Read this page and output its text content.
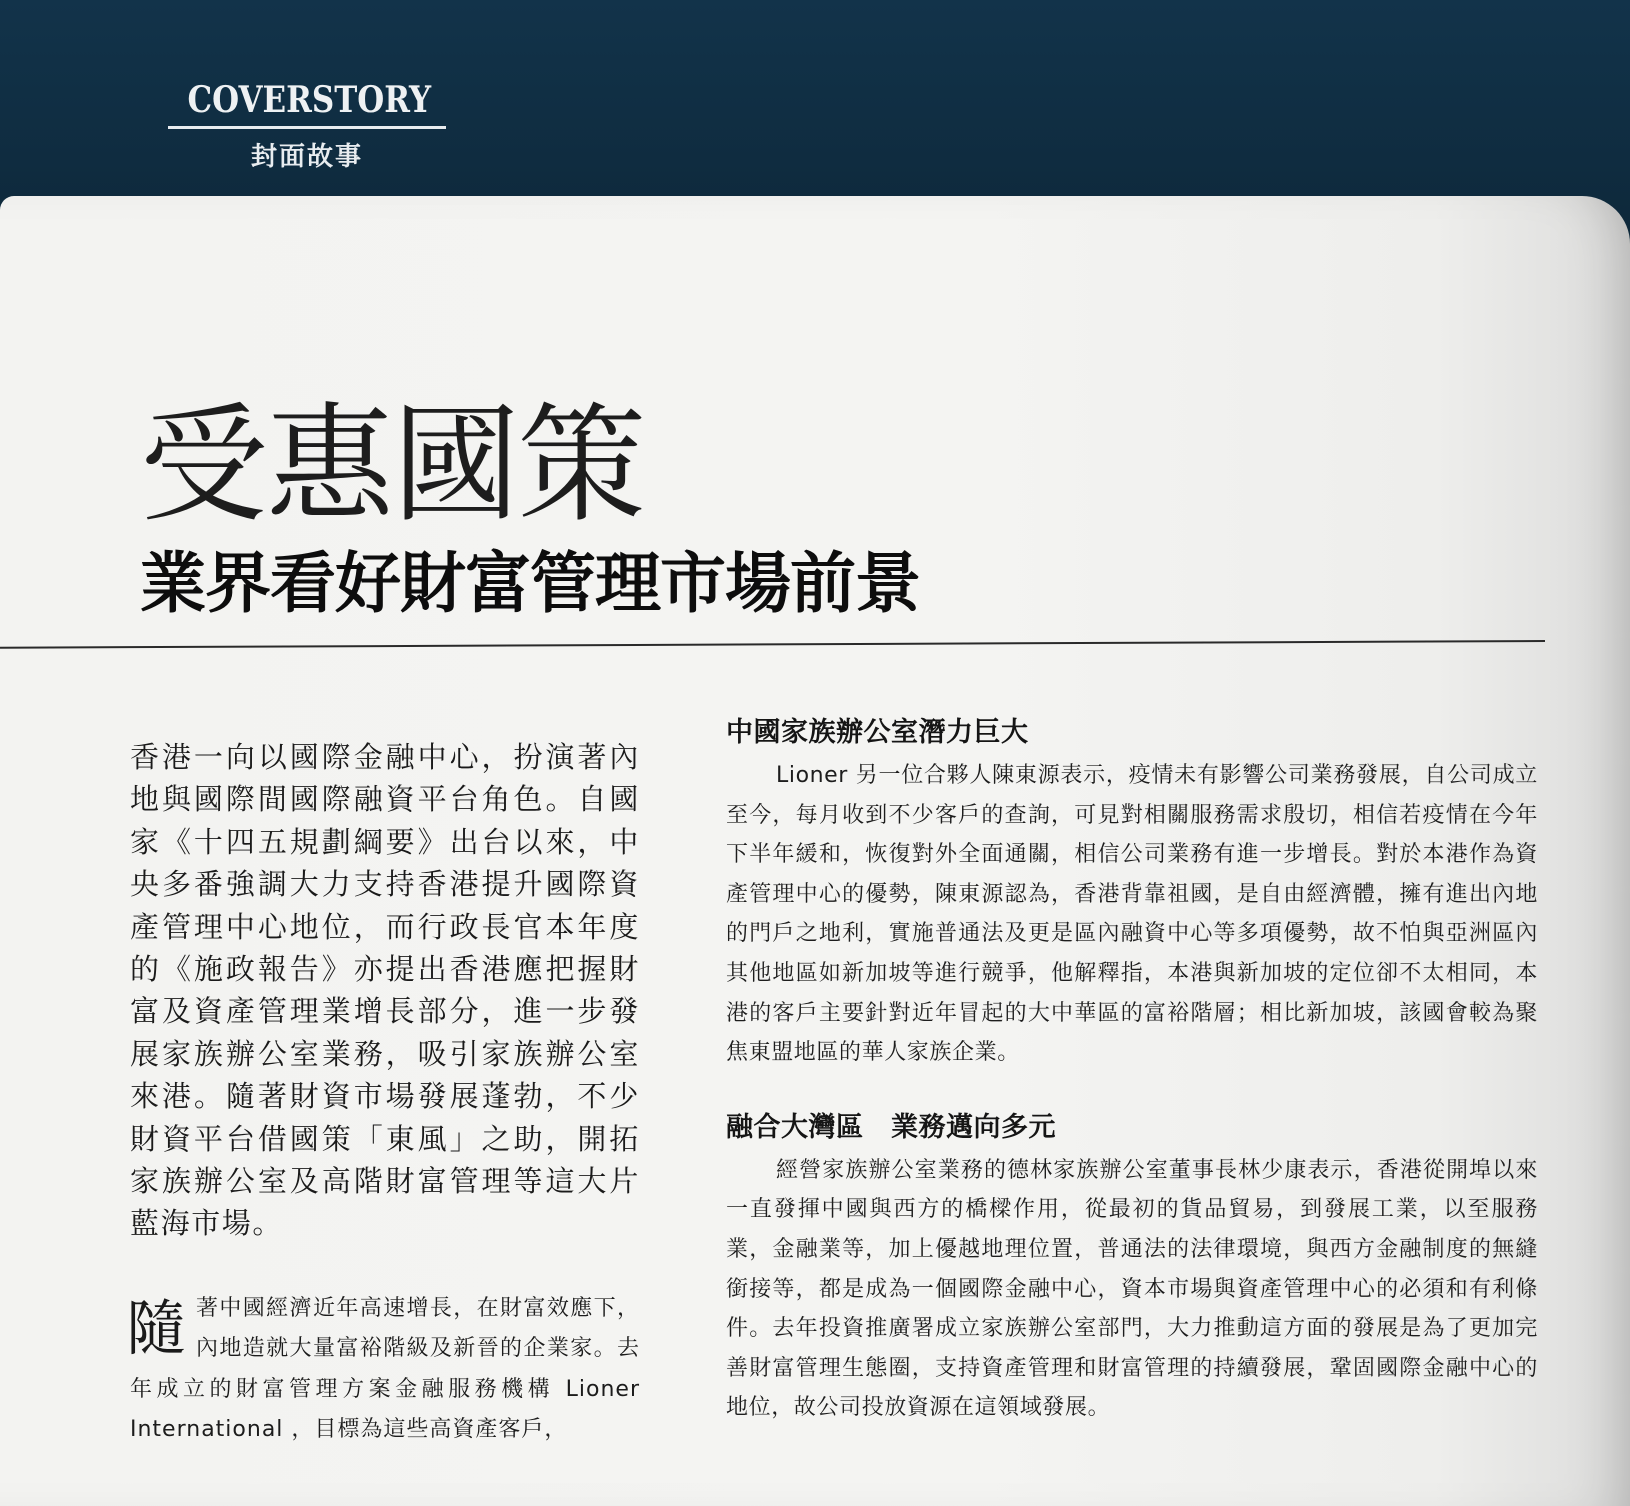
COVERSTORY
封面故事
受惠國策
業界看好財富管理市場前景

香港一向以國際金融中心，扮演著內地與國際間國際融資平台角色。自國家《十四五規劃綱要》出台以來，中央多番強調大力支持香港提升國際資產管理中心地位，而行政長官本年度的《施政報告》亦提出香港應把握財富及資產管理業增長部分，進一步發展家族辦公室業務，吸引家族辦公室來港。隨著財資市場發展蓬勃，不少財資平台借國策「東風」之助，開拓家族辦公室及高階財富管理等這大片藍海市場。

隨 著中國經濟近年高速增長，在財富效應下，內地造就大量富裕階級及新晉的企業家。去年成立的財富管理方案金融服務機構 Lioner International ，目標為這些高資產客戶，

中國家族辦公室潛力巨大

Lioner 另一位合夥人陳東源表示，疫情未有影響公司業務發展，自公司成立至今，每月收到不少客戶的查詢，可見對相關服務需求殷切，相信若疫情在今年下半年緩和，恢復對外全面通關，相信公司業務有進一步增長。對於本港作為資產管理中心的優勢，陳東源認為，香港背靠祖國，是自由經濟體，擁有進出內地的門戶之地利，實施普通法及更是區內融資中心等多項優勢，故不怕與亞洲區內其他地區如新加坡等進行競爭，他解釋指，本港與新加坡的定位卻不太相同，本港的客戶主要針對近年冒起的大中華區的富裕階層；相比新加坡，該國會較為聚焦東盟地區的華人家族企業。

融合大灣區　業務邁向多元

經營家族辦公室業務的德林家族辦公室董事長林少康表示，香港從開埠以來一直發揮中國與西方的橋樑作用，從最初的貨品貿易，到發展工業，以至服務業，金融業等，加上優越地理位置，普通法的法律環境，與西方金融制度的無縫銜接等，都是成為一個國際金融中心，資本市場與資產管理中心的必須和有利條件。去年投資推廣署成立家族辦公室部門，大力推動這方面的發展是為了更加完善財富管理生態圈，支持資產管理和財富管理的持續發展，鞏固國際金融中心的地位，故公司投放資源在這領域發展。
